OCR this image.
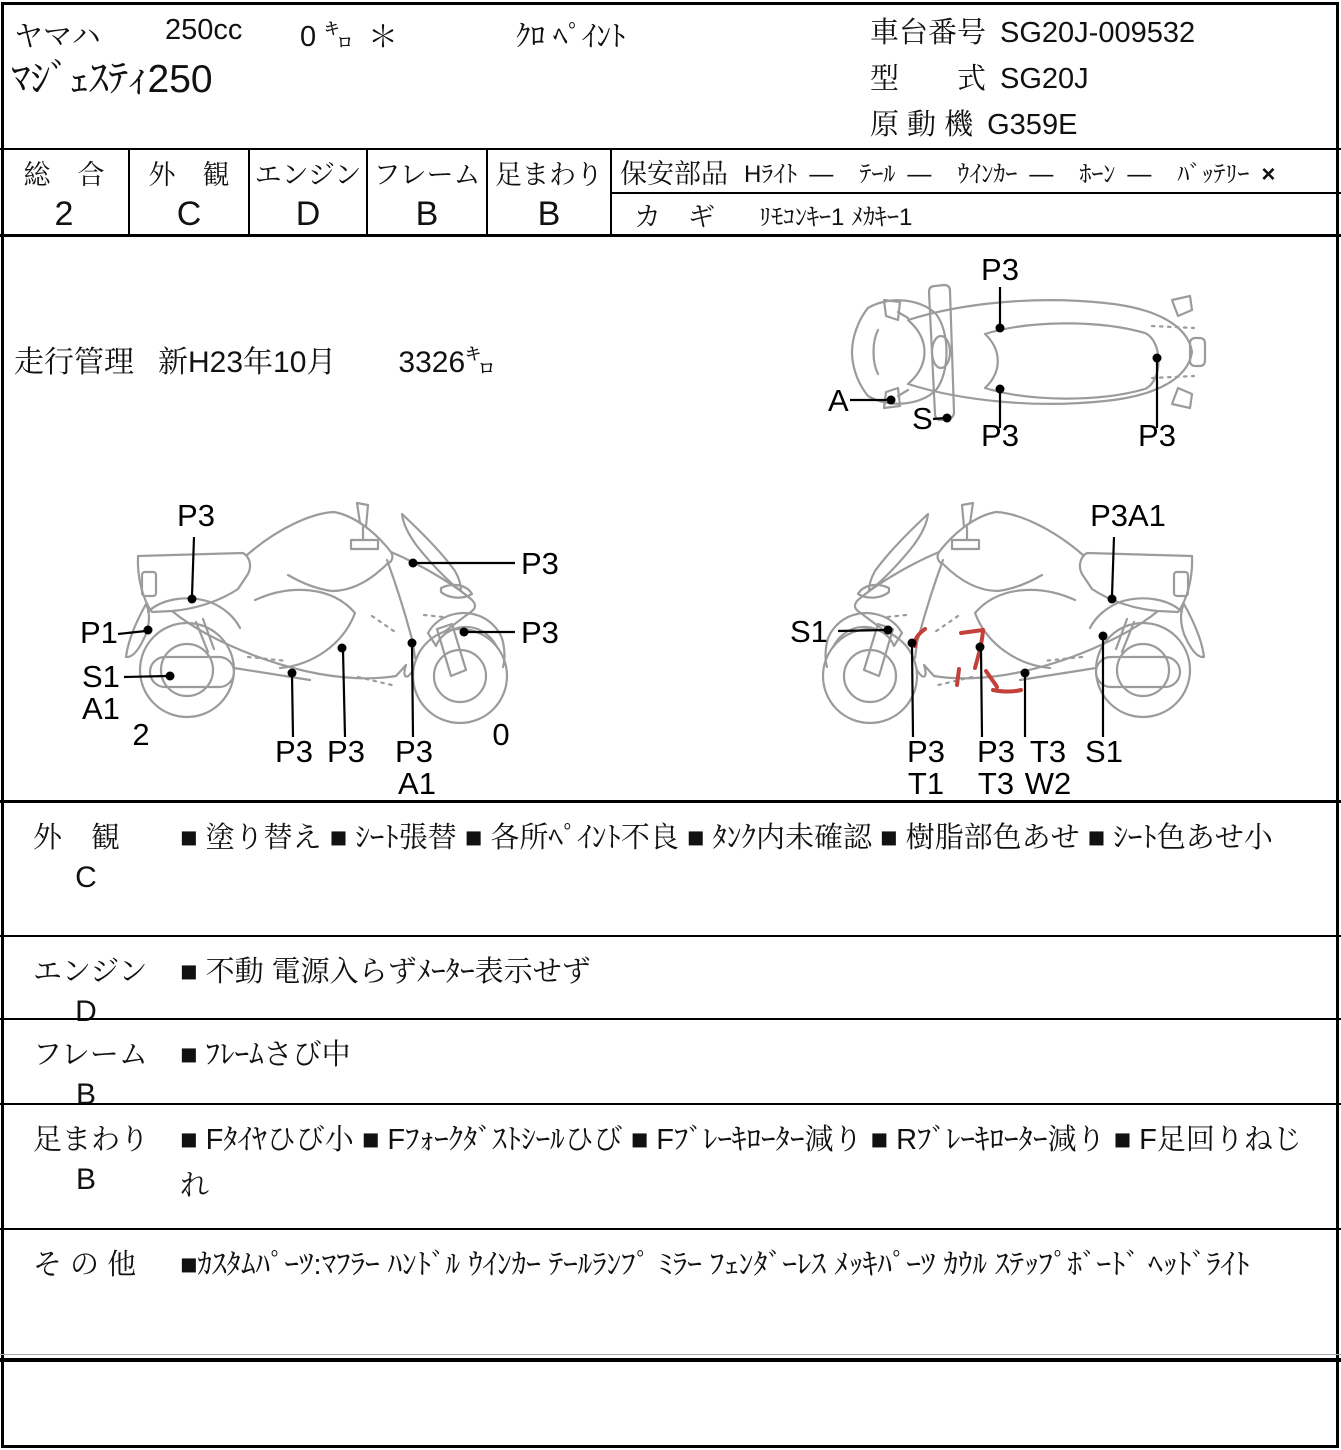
ヤマハ 250cc 0 ㌔ ＊	ｸﾛ ﾍﾟｲﾝﾄ
ﾏｼﾞｪｽﾃｨ250
車台番号 SG20J-009532
型　　式 SG20J
原 動 機 G359E
総　合
2
外　観
C
エンジン
D
フレーム
B
足まわり
B
保安部品 Hﾗｲﾄ ― ﾃｰﾙ ― ｳｲﾝｶｰ ― ﾎｰﾝ ― ﾊﾞｯﾃﾘｰ ×
カ　ギ ﾘﾓｺﾝｷｰ1 ﾒｶｷｰ1
走行管理 新H23年10月 3326㌔
P3
A
S P3	P3
P3
P3
P1	P3
S1
A1
2	P3 P3 P3
A1
0
S1
P3A1
P3
T1
P3
T3
T3
W2
S1
外　観
C
■ 塗り替え ■ ｼｰﾄ張替 ■ 各所ﾍﾟｲﾝﾄ不良 ■ ﾀﾝｸ内未確認 ■ 樹脂部色あせ ■ ｼｰﾄ色あせ小
エンジン
D
■ 不動 電源入らずﾒｰﾀｰ表示せず
フレーム
B
■ ﾌﾚｰﾑさび中
足まわり
B
■ Fﾀｲﾔひび小 ■ Fﾌｫｰｸﾀﾞｽﾄｼｰﾙひび ■ Fﾌﾞﾚｰｷﾛｰﾀｰ減り ■ Rﾌﾞﾚｰｷﾛｰﾀｰ減り ■ F足回りねじれ
そ の 他 ■ｶｽﾀﾑﾊﾟｰﾂ:ﾏﾌﾗｰ ﾊﾝﾄﾞﾙ ｳｲﾝｶｰ ﾃｰﾙﾗﾝﾌﾟ ﾐﾗｰ ﾌｪﾝﾀﾞｰﾚｽ ﾒｯｷﾊﾟｰﾂ ｶｳﾙ ｽﾃｯﾌﾟﾎﾞｰﾄﾞ ﾍｯﾄﾞﾗｲﾄ
